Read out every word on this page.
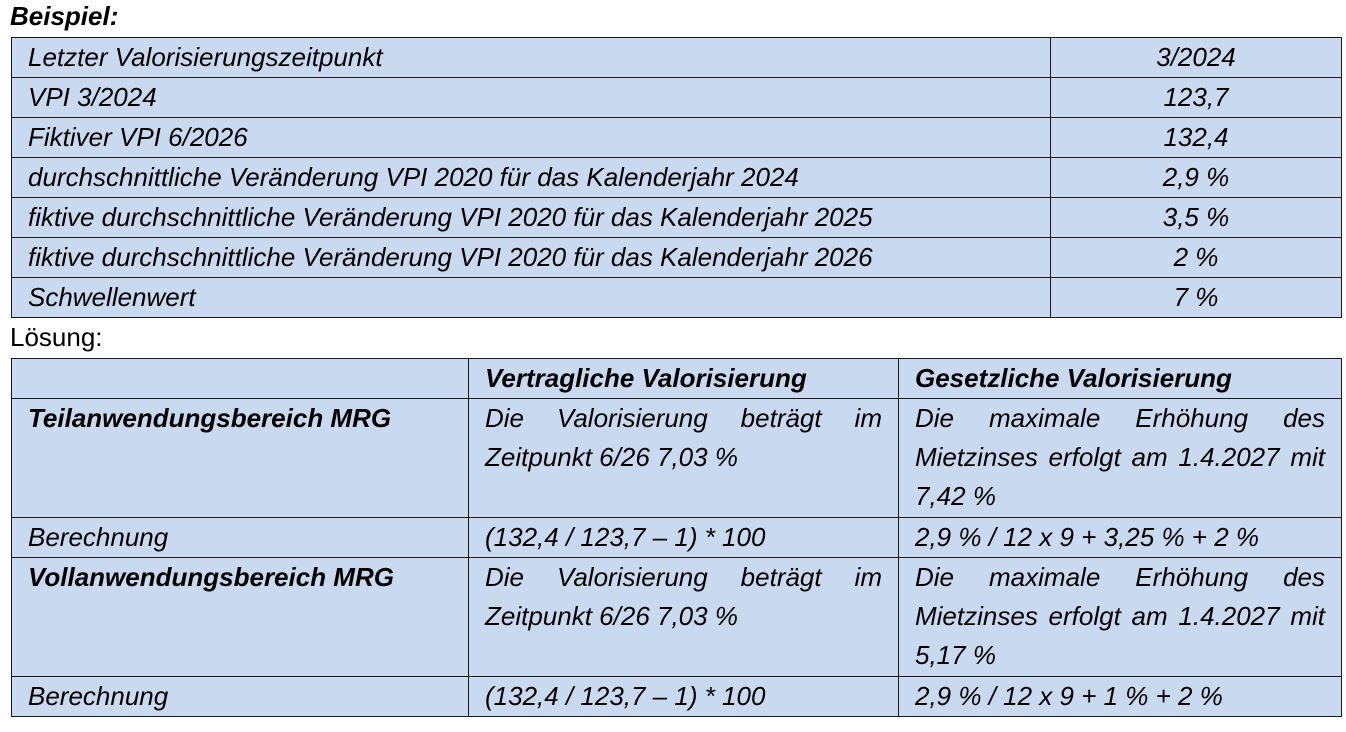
Beispiel:
Letzter Valorisierungszeitpunkt	3/2024
VPI 3/2024	123,7
Fiktiver VPI 6/2026	132,4
durchschnittliche Veränderung VPI 2020 für das Kalenderjahr 2024	2,9 %
fiktive durchschnittliche Veränderung VPI 2020 für das Kalenderjahr 2025	3,5 %
fiktive durchschnittliche Veränderung VPI 2020 für das Kalenderjahr 2026	2 %
Schwellenwert	7 %
Lösung:
	Vertragliche Valorisierung	Gesetzliche Valorisierung
Teilanwendungsbereich MRG	Die Valorisierung beträgt im Zeitpunkt 6/26 7,03 %	Die maximale Erhöhung des Mietzinses erfolgt am 1.4.2027 mit 7,42 %
Berechnung	(132,4 / 123,7 – 1) * 100	2,9 % / 12 x 9 + 3,25 % + 2 %
Vollanwendungsbereich MRG	Die Valorisierung beträgt im Zeitpunkt 6/26 7,03 %	Die maximale Erhöhung des Mietzinses erfolgt am 1.4.2027 mit 5,17 %
Berechnung	(132,4 / 123,7 – 1) * 100	2,9 % / 12 x 9 + 1 % + 2 %
